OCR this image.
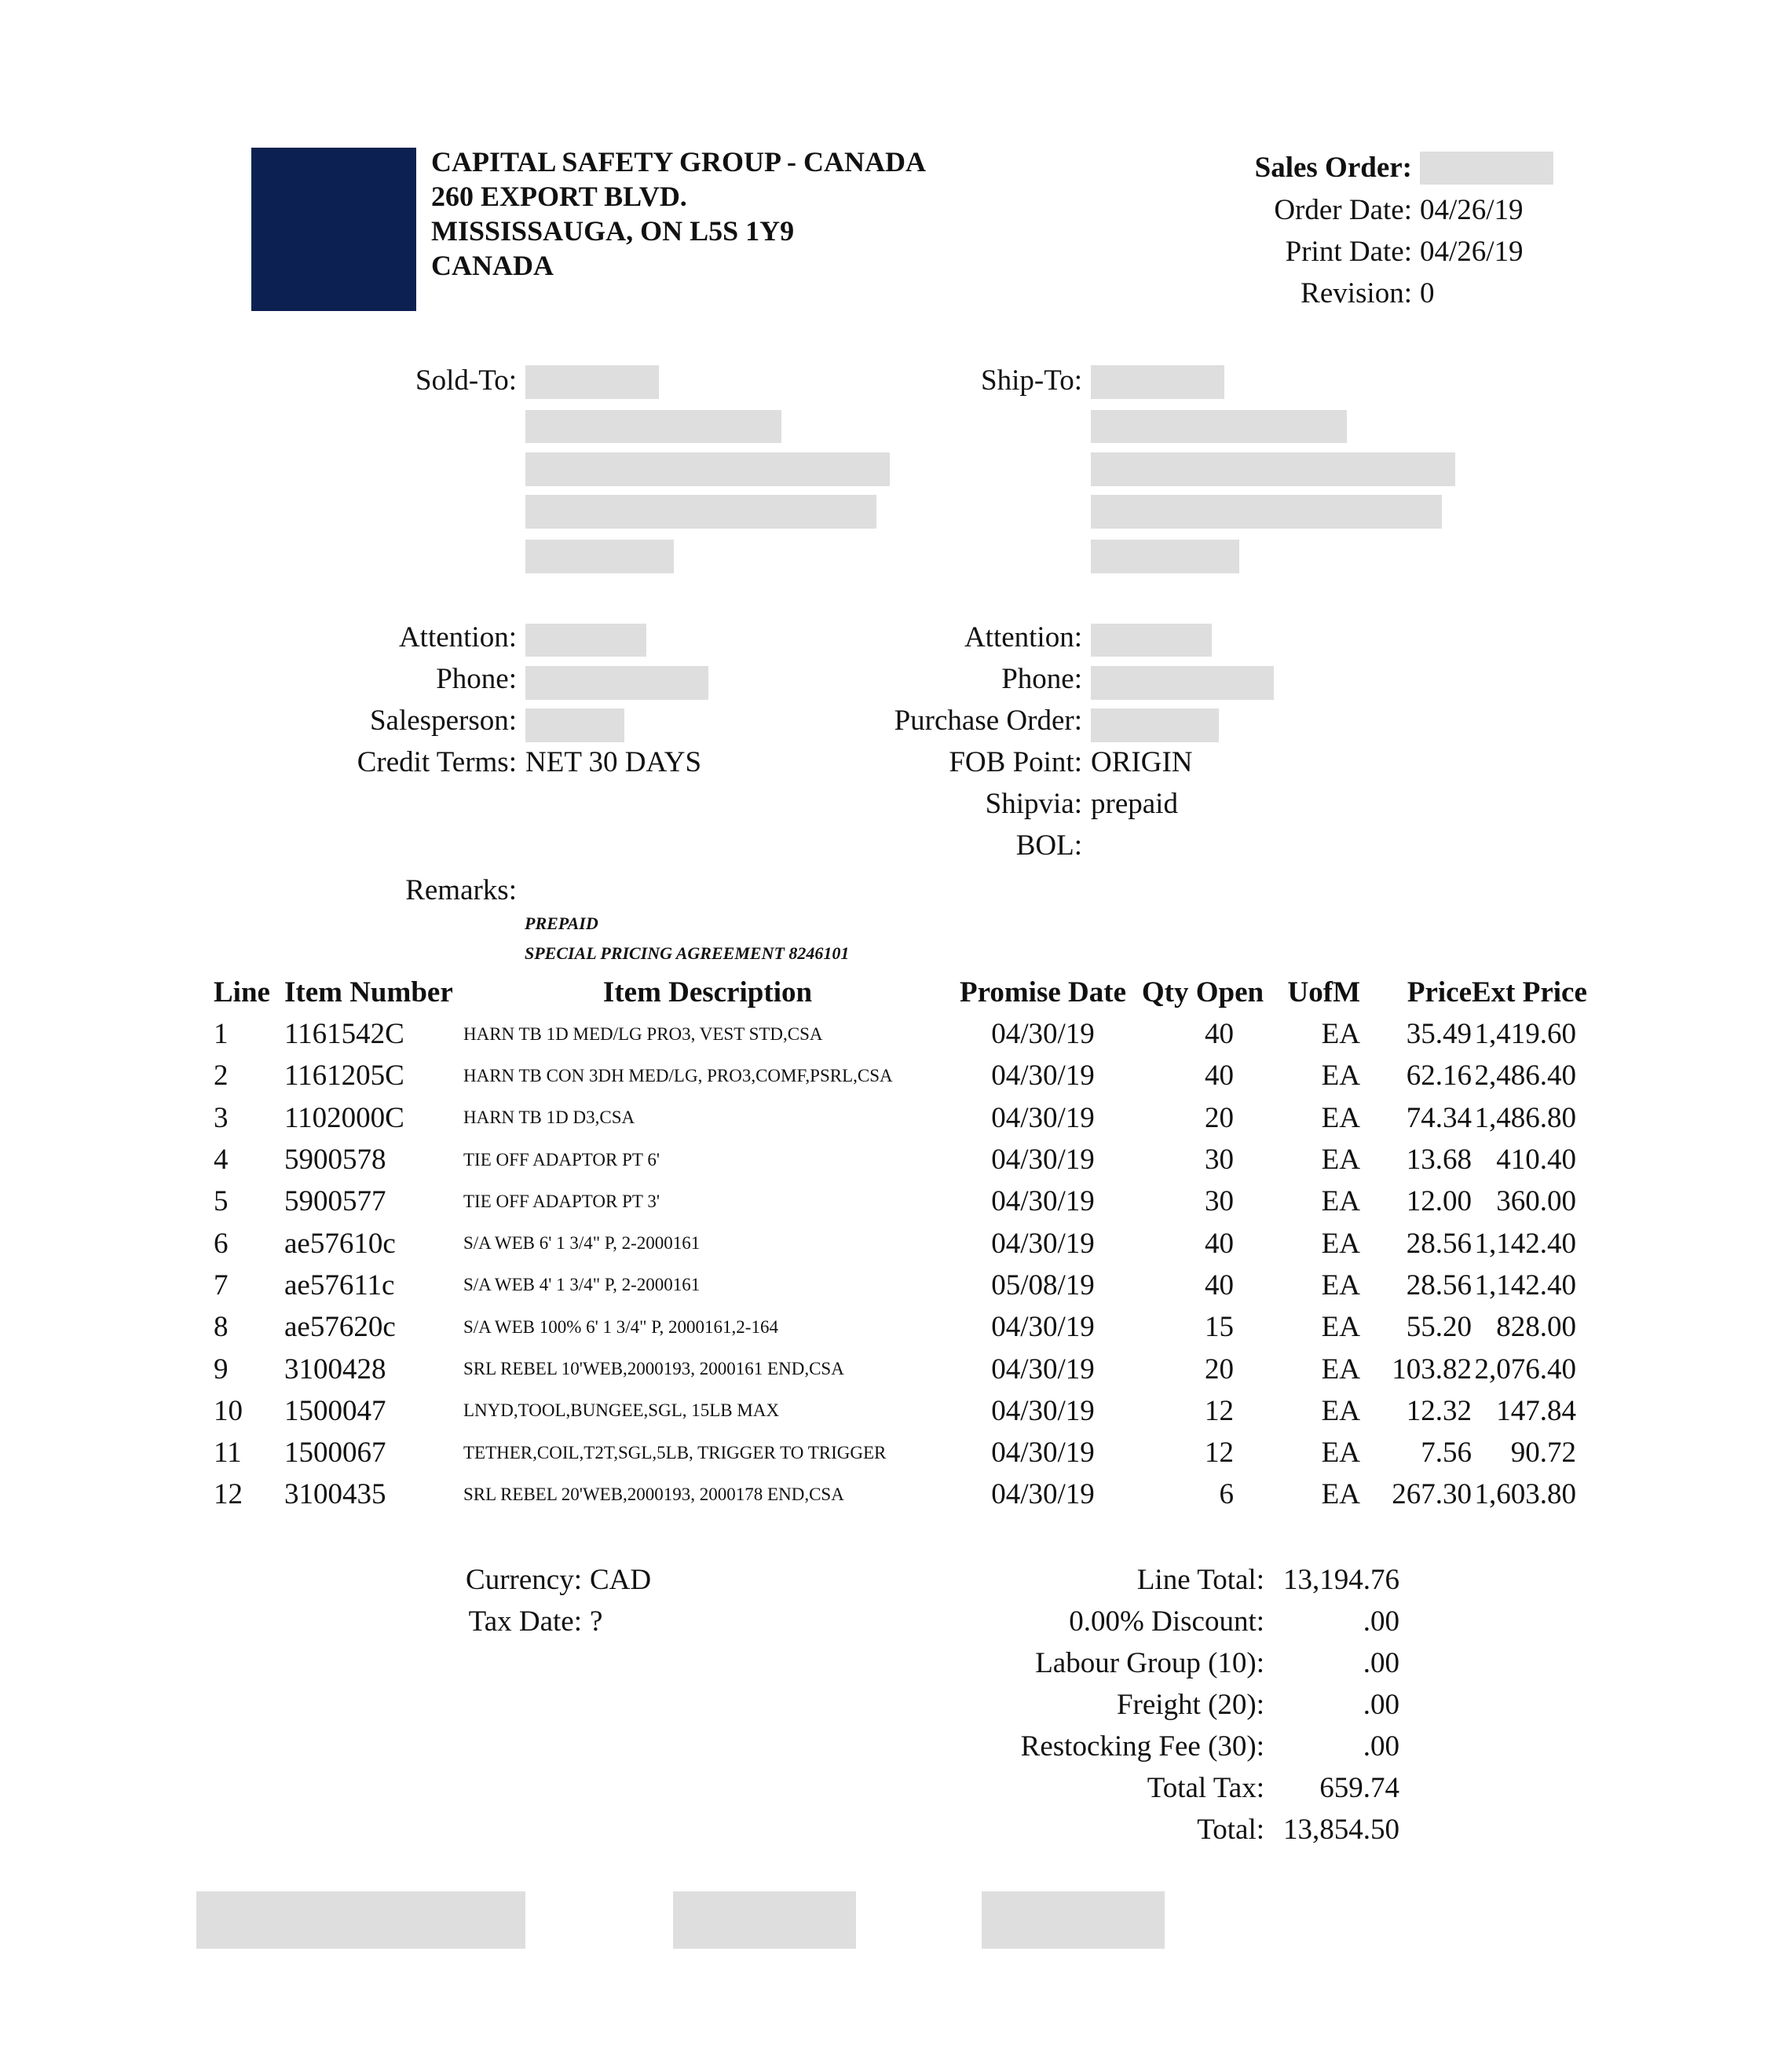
CAPITAL SAFETY GROUP - CANADA
260 EXPORT BLVD.
MISSISSAUGA, ON L5S 1Y9
CANADA
Sales Order:
Order Date: 04/26/19
Print Date: 04/26/19
Revision: 0
Sold-To:	Ship-To:
Attention:
Phone:
Salesperson:
Credit Terms: NET 30 DAYS
Attention:
Phone:
Purchase Order:
FOB Point: ORIGIN
Shipvia: prepaid
BOL:
Remarks:
PREPAID
SPECIAL PRICING AGREEMENT 8246101
Line	Item Number	Item Description	Promise Date	Qty Open	UofM	Price	Ext Price
1	1161542C	HARN TB 1D MED/LG PRO3, VEST STD,CSA	04/30/19	40	EA	35.49	1,419.60
2	1161205C	HARN TB CON 3DH MED/LG, PRO3,COMF,PSRL,CSA	04/30/19	40	EA	62.16	2,486.40
3	1102000C	HARN TB 1D D3,CSA	04/30/19	20	EA	74.34	1,486.80
4	5900578	TIE OFF ADAPTOR PT 6'	04/30/19	30	EA	13.68	410.40
5	5900577	TIE OFF ADAPTOR PT 3'	04/30/19	30	EA	12.00	360.00
6	ae57610c	S/A WEB 6' 1 3/4" P, 2-2000161	04/30/19	40	EA	28.56	1,142.40
7	ae57611c	S/A WEB 4' 1 3/4" P, 2-2000161	05/08/19	40	EA	28.56	1,142.40
8	ae57620c	S/A WEB 100% 6' 1 3/4" P, 2000161,2-164	04/30/19	15	EA	55.20	828.00
9	3100428	SRL REBEL 10'WEB,2000193, 2000161 END,CSA	04/30/19	20	EA	103.82	2,076.40
10	1500047	LNYD,TOOL,BUNGEE,SGL, 15LB MAX	04/30/19	12	EA	12.32	147.84
11	1500067	TETHER,COIL,T2T,SGL,5LB, TRIGGER TO TRIGGER	04/30/19	12	EA	7.56	90.72
12	3100435	SRL REBEL 20'WEB,2000193, 2000178 END,CSA	04/30/19	6	EA	267.30	1,603.80
Currency: CAD
Tax Date: ?
Line Total: 13,194.76
0.00% Discount:	.00
Labour Group (10):	.00
Freight (20):	.00
Restocking Fee (30):	.00
Total Tax: 659.74
Total: 13,854.50
